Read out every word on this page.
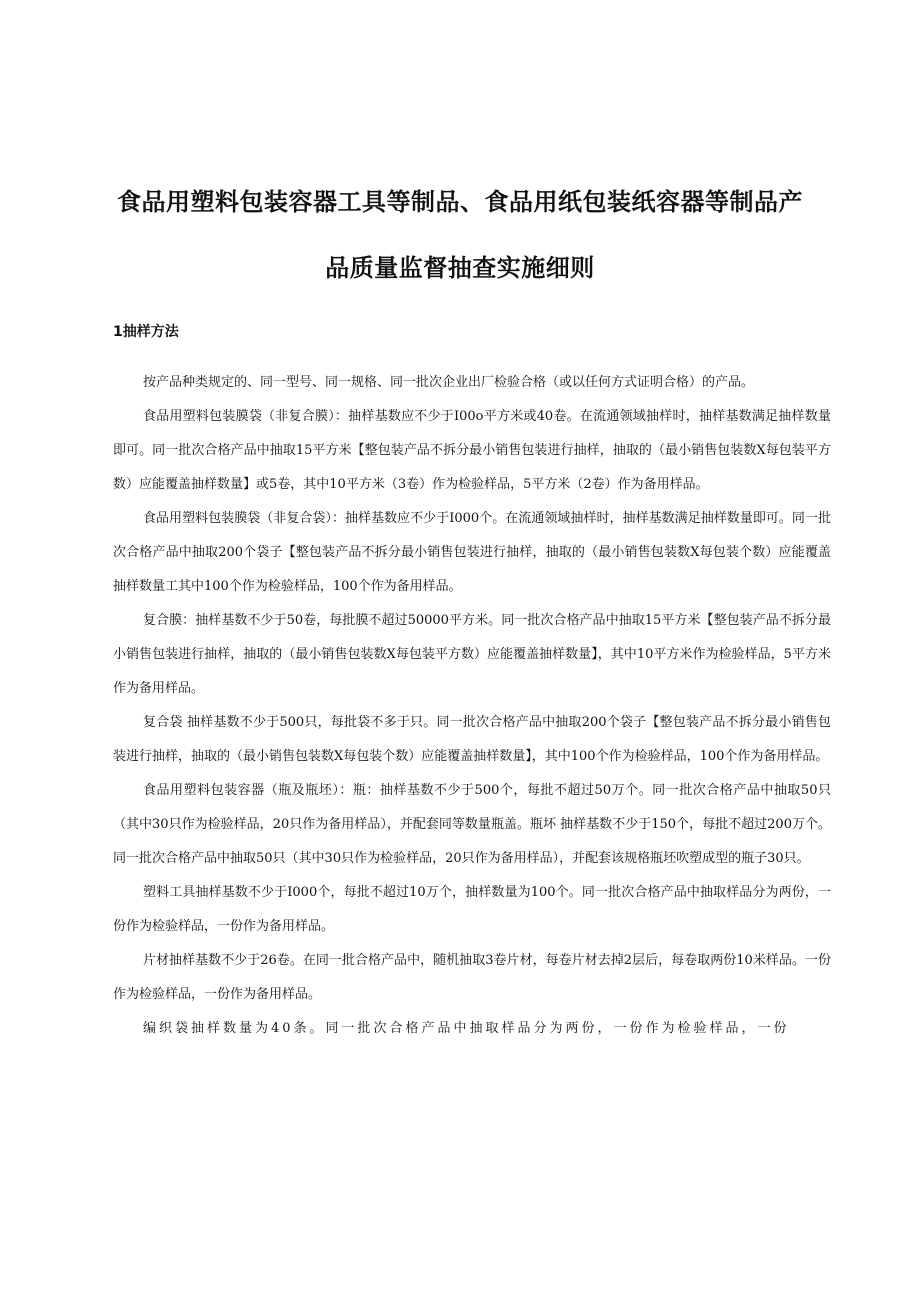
食品用塑料包装容器工具等制品、食品用纸包装纸容器等制品产
品质量监督抽查实施细则
1抽样方法

按产品种类规定的、同一型号、同一规格、同一批次企业出厂检验合格（或以任何方式证明合格）的产品。

食品用塑料包装膜袋（非复合膜）：抽样基数应不少于I00o平方米或40卷。在流通领域抽样时，抽样基数满足抽样数量即可。同一批次合格产品中抽取15平方米【整包装产品不拆分最小销售包装进行抽样，抽取的（最小销售包装数X每包装平方数）应能覆盖抽样数量】或5卷，其中10平方米（3卷）作为检验样品，5平方米（2卷）作为备用样品。

食品用塑料包装膜袋（非复合袋）：抽样基数应不少于I000个。在流通领域抽样时，抽样基数满足抽样数量即可。同一批次合格产品中抽取200个袋子【整包装产品不拆分最小销售包装进行抽样，抽取的（最小销售包装数X每包装个数）应能覆盖抽样数量工其中100个作为检验样品，100个作为备用样品。

复合膜：抽样基数不少于50卷，每批膜不超过50000平方米。同一批次合格产品中抽取15平方米【整包装产品不拆分最小销售包装进行抽样，抽取的（最小销售包装数X每包装平方数）应能覆盖抽样数量】，其中10平方米作为检验样品，5平方米作为备用样品。

复合袋 抽样基数不少于500只，每批袋不多于只。同一批次合格产品中抽取200个袋子【整包装产品不拆分最小销售包装进行抽样，抽取的（最小销售包装数X每包装个数）应能覆盖抽样数量】，其中100个作为检验样品，100个作为备用样品。

食品用塑料包装容器（瓶及瓶坯）：瓶：抽样基数不少于500个，每批不超过50万个。同一批次合格产品中抽取50只（其中30只作为检验样品，20只作为备用样品），并配套同等数量瓶盖。瓶坏 抽样基数不少于150个，每批不超过200万个。同一批次合格产品中抽取50只（其中30只作为检验样品，20只作为备用样品），并配套该规格瓶坯吹塑成型的瓶子30只。

塑料工具抽样基数不少于I000个，每批不超过10万个，抽样数量为100个。同一批次合格产品中抽取样品分为两份，一份作为检验样品，一份作为备用样品。

片材抽样基数不少于26卷。在同一批合格产品中，随机抽取3卷片材，每卷片材去掉2层后，每卷取两份10米样品。一份作为检验样品，一份作为备用样品。

编织袋抽样数量为40条。同一批次合格产品中抽取样品分为两份，一份作为检验样品，一份
